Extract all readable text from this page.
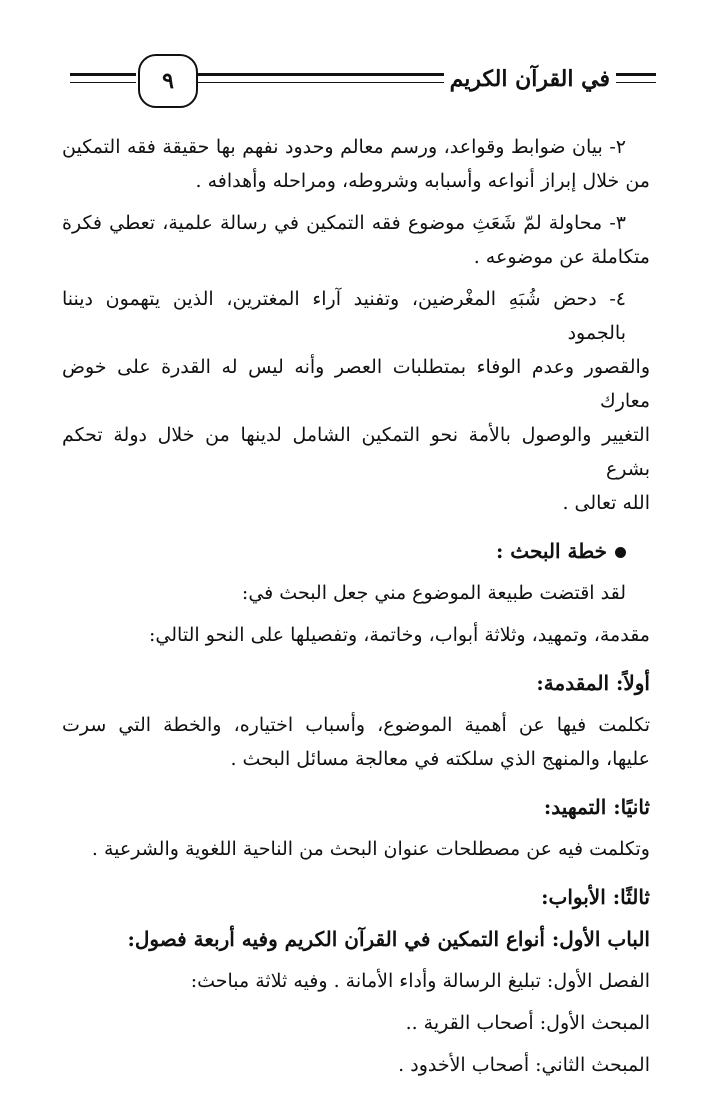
في القرآن الكريم
٩
٢- بيان ضوابط وقواعد، ورسم معالم وحدود نفهم بها حقيقة فقه التمكين
من خلال إبراز أنواعه وأسبابه وشروطه، ومراحله وأهدافه .
٣- محاولة لمّ شَعَثِ موضوع فقه التمكين في رسالة علمية، تعطي فكرة
متكاملة عن موضوعه .
٤- دحض شُبَهِ المغْرضين، وتفنيد آراء المغترين، الذين يتهمون ديننا بالجمود
والقصور وعدم الوفاء بمتطلبات العصر وأنه ليس له القدرة على خوض معارك
التغيير والوصول بالأمة نحو التمكين الشامل لدينها من خلال دولة تحكم بشرع
الله تعالى .
خطة البحث :
لقد اقتضت طبيعة الموضوع مني جعل البحث في:
مقدمة، وتمهيد، وثلاثة أبواب، وخاتمة، وتفصيلها على النحو التالي:
أولاً: المقدمة:
تكلمت فيها عن أهمية الموضوع، وأسباب اختياره، والخطة التي سرت
عليها، والمنهج الذي سلكته في معالجة مسائل البحث .
ثانيًا: التمهيد:
وتكلمت فيه عن مصطلحات عنوان البحث من الناحية اللغوية والشرعية .
ثالثًا: الأبواب:
الباب الأول: أنواع التمكين في القرآن الكريم وفيه أربعة فصول:
الفصل الأول: تبليغ الرسالة وأداء الأمانة . وفيه ثلاثة مباحث:
المبحث الأول: أصحاب القرية ..
المبحث الثاني: أصحاب الأخدود .
